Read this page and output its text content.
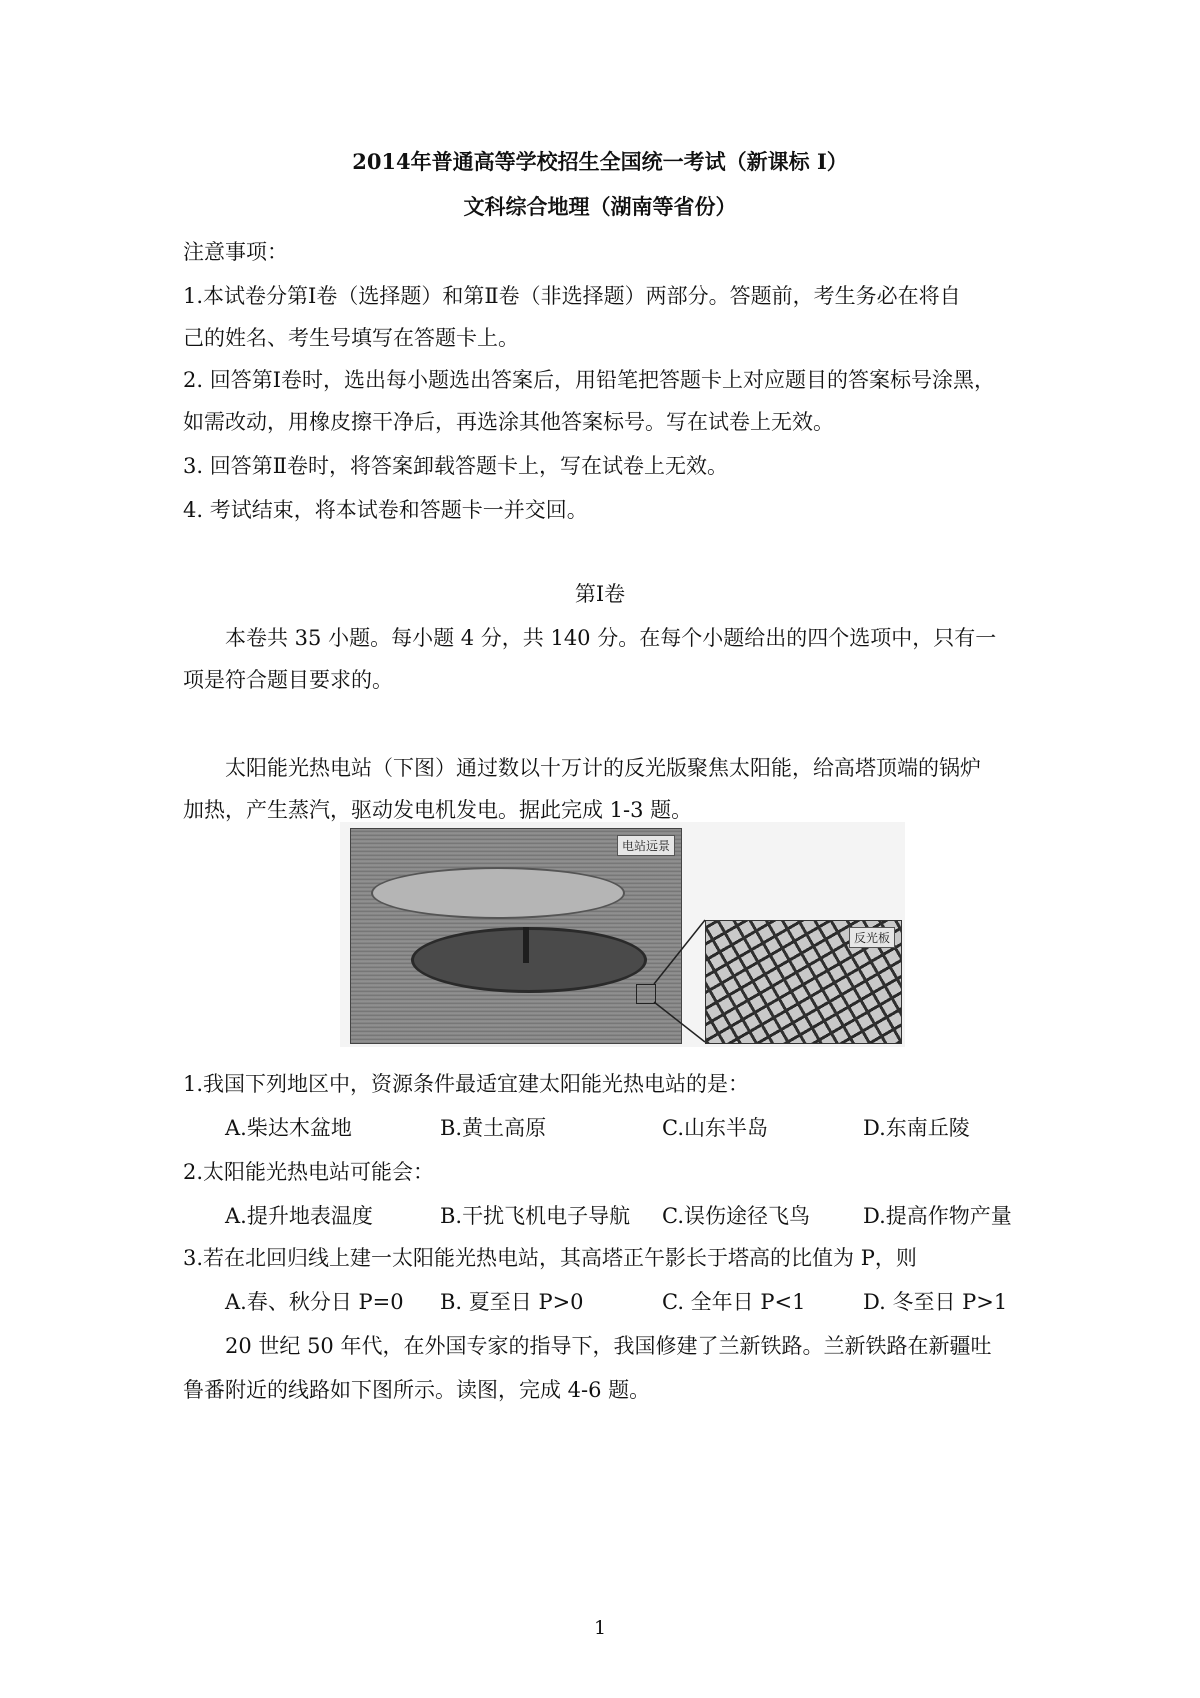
2014年普通高等学校招生全国统一考试（新课标 I）
文科综合地理（湖南等省份）
注意事项：
1.本试卷分第Ⅰ卷（选择题）和第Ⅱ卷（非选择题）两部分。答题前，考生务必在将自
己的姓名、考生号填写在答题卡上。
2. 回答第Ⅰ卷时，选出每小题选出答案后，用铅笔把答题卡上对应题目的答案标号涂黑，
如需改动，用橡皮擦干净后，再选涂其他答案标号。写在试卷上无效。
3. 回答第Ⅱ卷时，将答案卸载答题卡上，写在试卷上无效。
4. 考试结束，将本试卷和答题卡一并交回。
第Ⅰ卷
本卷共 35 小题。每小题 4 分，共 140 分。在每个小题给出的四个选项中，只有一
项是符合题目要求的。
太阳能光热电站（下图）通过数以十万计的反光版聚焦太阳能，给高塔顶端的锅炉
加热，产生蒸汽，驱动发电机发电。据此完成 1-3 题。
电站远景
反光板
1.我国下列地区中，资源条件最适宜建太阳能光热电站的是：
A.柴达木盆地	B.黄土高原	C.山东半岛	D.东南丘陵
2.太阳能光热电站可能会：
A.提升地表温度	B.干扰飞机电子导航 C.误伤途径飞鸟	D.提高作物产量
3.若在北回归线上建一太阳能光热电站，其高塔正午影长于塔高的比值为 P，则
A.春、秋分日 P=0 B. 夏至日 P>0	C. 全年日 P<1	D. 冬至日 P>1
20 世纪 50 年代，在外国专家的指导下，我国修建了兰新铁路。兰新铁路在新疆吐
鲁番附近的线路如下图所示。读图，完成 4-6 题。
1
